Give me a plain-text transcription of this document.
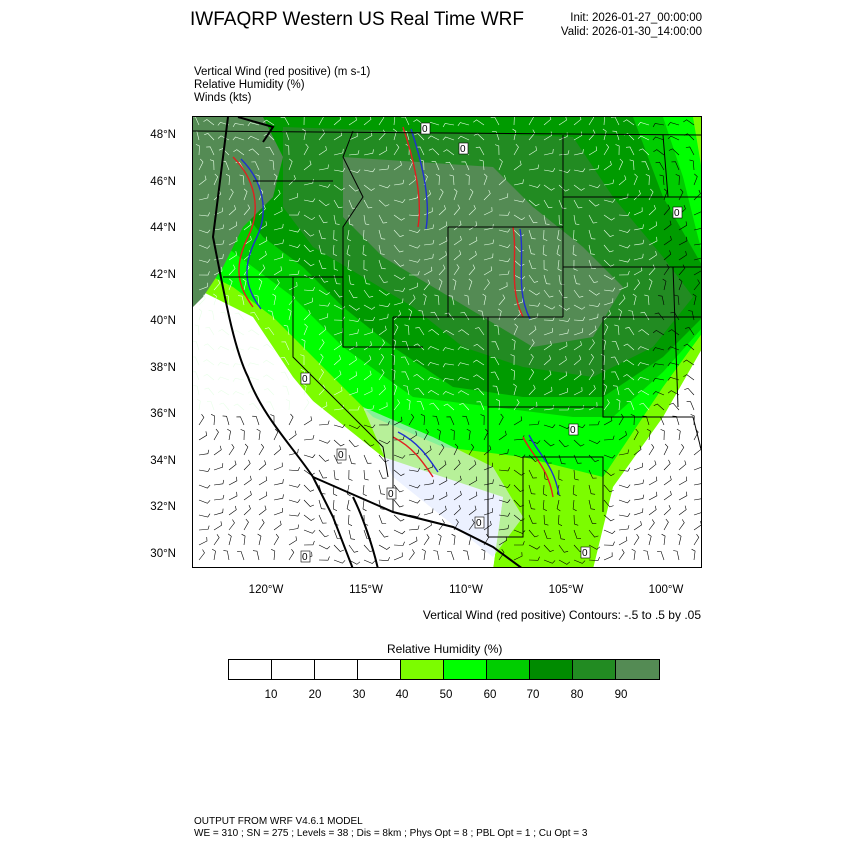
IWFAQRP Western US Real Time WRF	Init: 2026-01-27_00:00:00
Valid: 2026-01-30_14:00:00
Vertical Wind (red positive) (m s-1)
Relative Humidity (%)
Winds (kts)
0
0
0
0
0
0
0
0	0
0
48°N
46°N
44°N
42°N
40°N
38°N
36°N
34°N
32°N
30°N
120°W	115°W	110°W	105°W	100°W
Vertical Wind (red positive) Contours: -.5 to .5 by .05
Relative Humidity (%)
10	20	30	40	50	60	70	80	90
OUTPUT FROM WRF V4.6.1 MODEL
WE = 310 ; SN = 275 ; Levels = 38 ; Dis = 8km ; Phys Opt = 8 ; PBL Opt = 1 ; Cu Opt = 3
